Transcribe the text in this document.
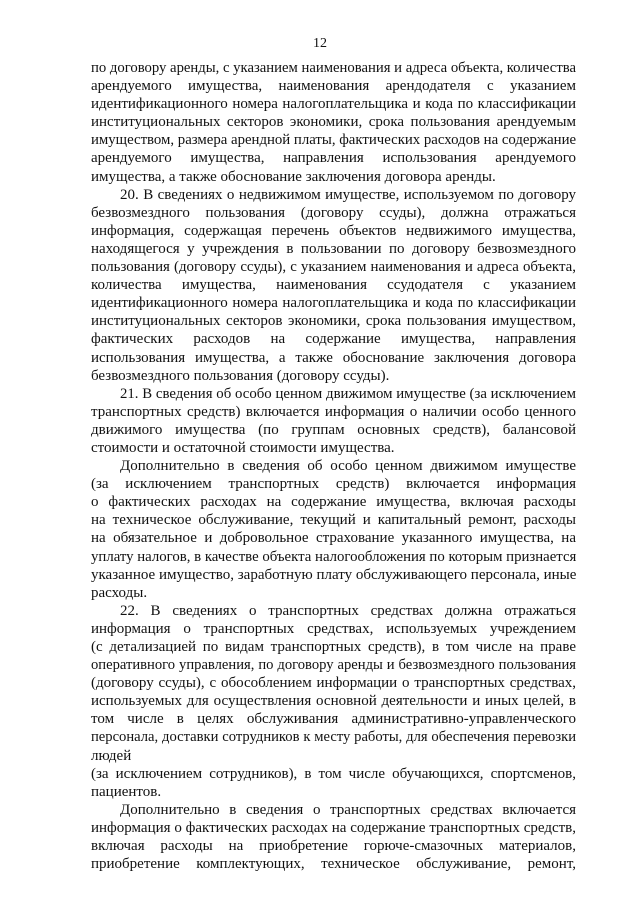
12
по договору аренды, с указанием наименования и адреса объекта, количества
арендуемого имущества, наименования арендодателя с указанием
идентификационного номера налогоплательщика и кода по классификации
институциональных секторов экономики, срока пользования арендуемым
имуществом, размера арендной платы, фактических расходов на содержание
арендуемого имущества, направления использования арендуемого
имущества, а также обоснование заключения договора аренды.
20. В сведениях о недвижимом имуществе, используемом по договору
безвозмездного пользования (договору ссуды), должна отражаться
информация, содержащая перечень объектов недвижимого имущества,
находящегося у учреждения в пользовании по договору безвозмездного
пользования (договору ссуды), с указанием наименования и адреса объекта,
количества имущества, наименования ссудодателя с указанием
идентификационного номера налогоплательщика и кода по классификации
институциональных секторов экономики, срока пользования имуществом,
фактических расходов на содержание имущества, направления
использования имущества, а также обоснование заключения договора
безвозмездного пользования (договору ссуды).
21. В сведения об особо ценном движимом имуществе (за исключением
транспортных средств) включается информация о наличии особо ценного
движимого имущества (по группам основных средств), балансовой
стоимости и остаточной стоимости имущества.
Дополнительно в сведения об особо ценном движимом имуществе
(за исключением транспортных средств) включается информация
о фактических расходах на содержание имущества, включая расходы
на техническое обслуживание, текущий и капитальный ремонт, расходы
на обязательное и добровольное страхование указанного имущества, на
уплату налогов, в качестве объекта налогообложения по которым признается
указанное имущество, заработную плату обслуживающего персонала, иные
расходы.
22. В сведениях о транспортных средствах должна отражаться
информация о транспортных средствах, используемых учреждением
(с детализацией по видам транспортных средств), в том числе на праве
оперативного управления, по договору аренды и безвозмездного пользования
(договору ссуды), с обособлением информации о транспортных средствах,
используемых для осуществления основной деятельности и иных целей, в
том числе в целях обслуживания административно-управленческого
персонала, доставки сотрудников к месту работы, для обеспечения перевозки
людей
(за исключением сотрудников), в том числе обучающихся, спортсменов,
пациентов.
Дополнительно в сведения о транспортных средствах включается
информация о фактических расходах на содержание транспортных средств,
включая расходы на приобретение горюче-смазочных материалов,
приобретение комплектующих, техническое обслуживание, ремонт,
